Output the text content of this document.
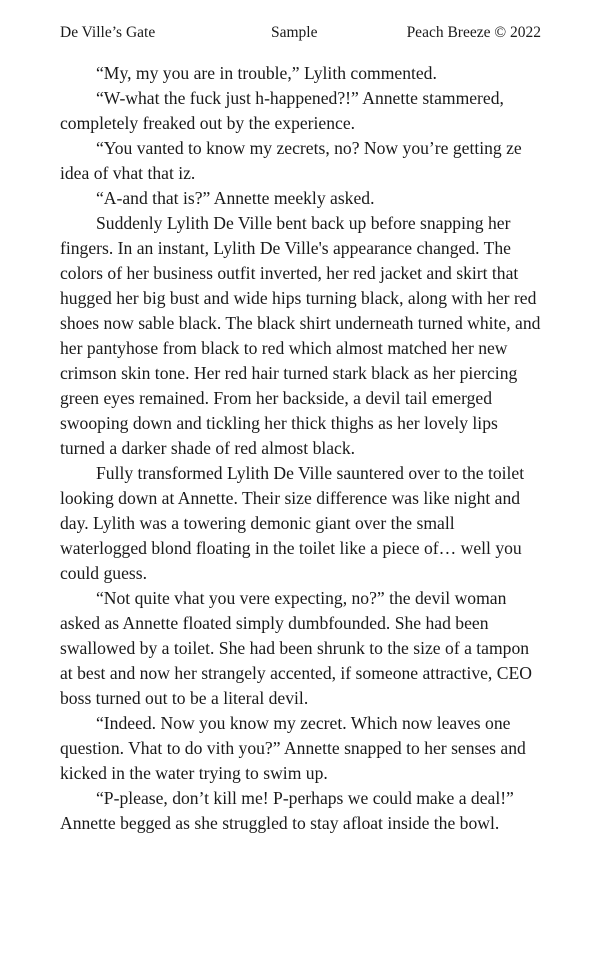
De Ville’s Gate	Sample	Peach Breeze © 2022

“My, my you are in trouble,” Lylith commented.

“W-what the fuck just h-happened?!” Annette stammered, completely freaked out by the experience.

“You vanted to know my zecrets, no? Now you’re getting ze idea of vhat that iz.

“A-and that is?” Annette meekly asked.

Suddenly Lylith De Ville bent back up before snapping her fingers. In an instant, Lylith De Ville's appearance changed. The colors of her business outfit inverted, her red jacket and skirt that hugged her big bust and wide hips turning black, along with her red shoes now sable black. The black shirt underneath turned white, and her pantyhose from black to red which almost matched her new crimson skin tone. Her red hair turned stark black as her piercing green eyes remained. From her backside, a devil tail emerged swooping down and tickling her thick thighs as her lovely lips turned a darker shade of red almost black.

Fully transformed Lylith De Ville sauntered over to the toilet looking down at Annette. Their size difference was like night and day. Lylith was a towering demonic giant over the small waterlogged blond floating in the toilet like a piece of… well you could guess.

“Not quite vhat you vere expecting, no?” the devil woman asked as Annette floated simply dumbfounded. She had been swallowed by a toilet. She had been shrunk to the size of a tampon at best and now her strangely accented, if someone attractive, CEO boss turned out to be a literal devil.

“Indeed. Now you know my zecret. Which now leaves one question. Vhat to do vith you?” Annette snapped to her senses and kicked in the water trying to swim up.

“P-please, don’t kill me! P-perhaps we could make a deal!” Annette begged as she struggled to stay afloat inside the bowl.
